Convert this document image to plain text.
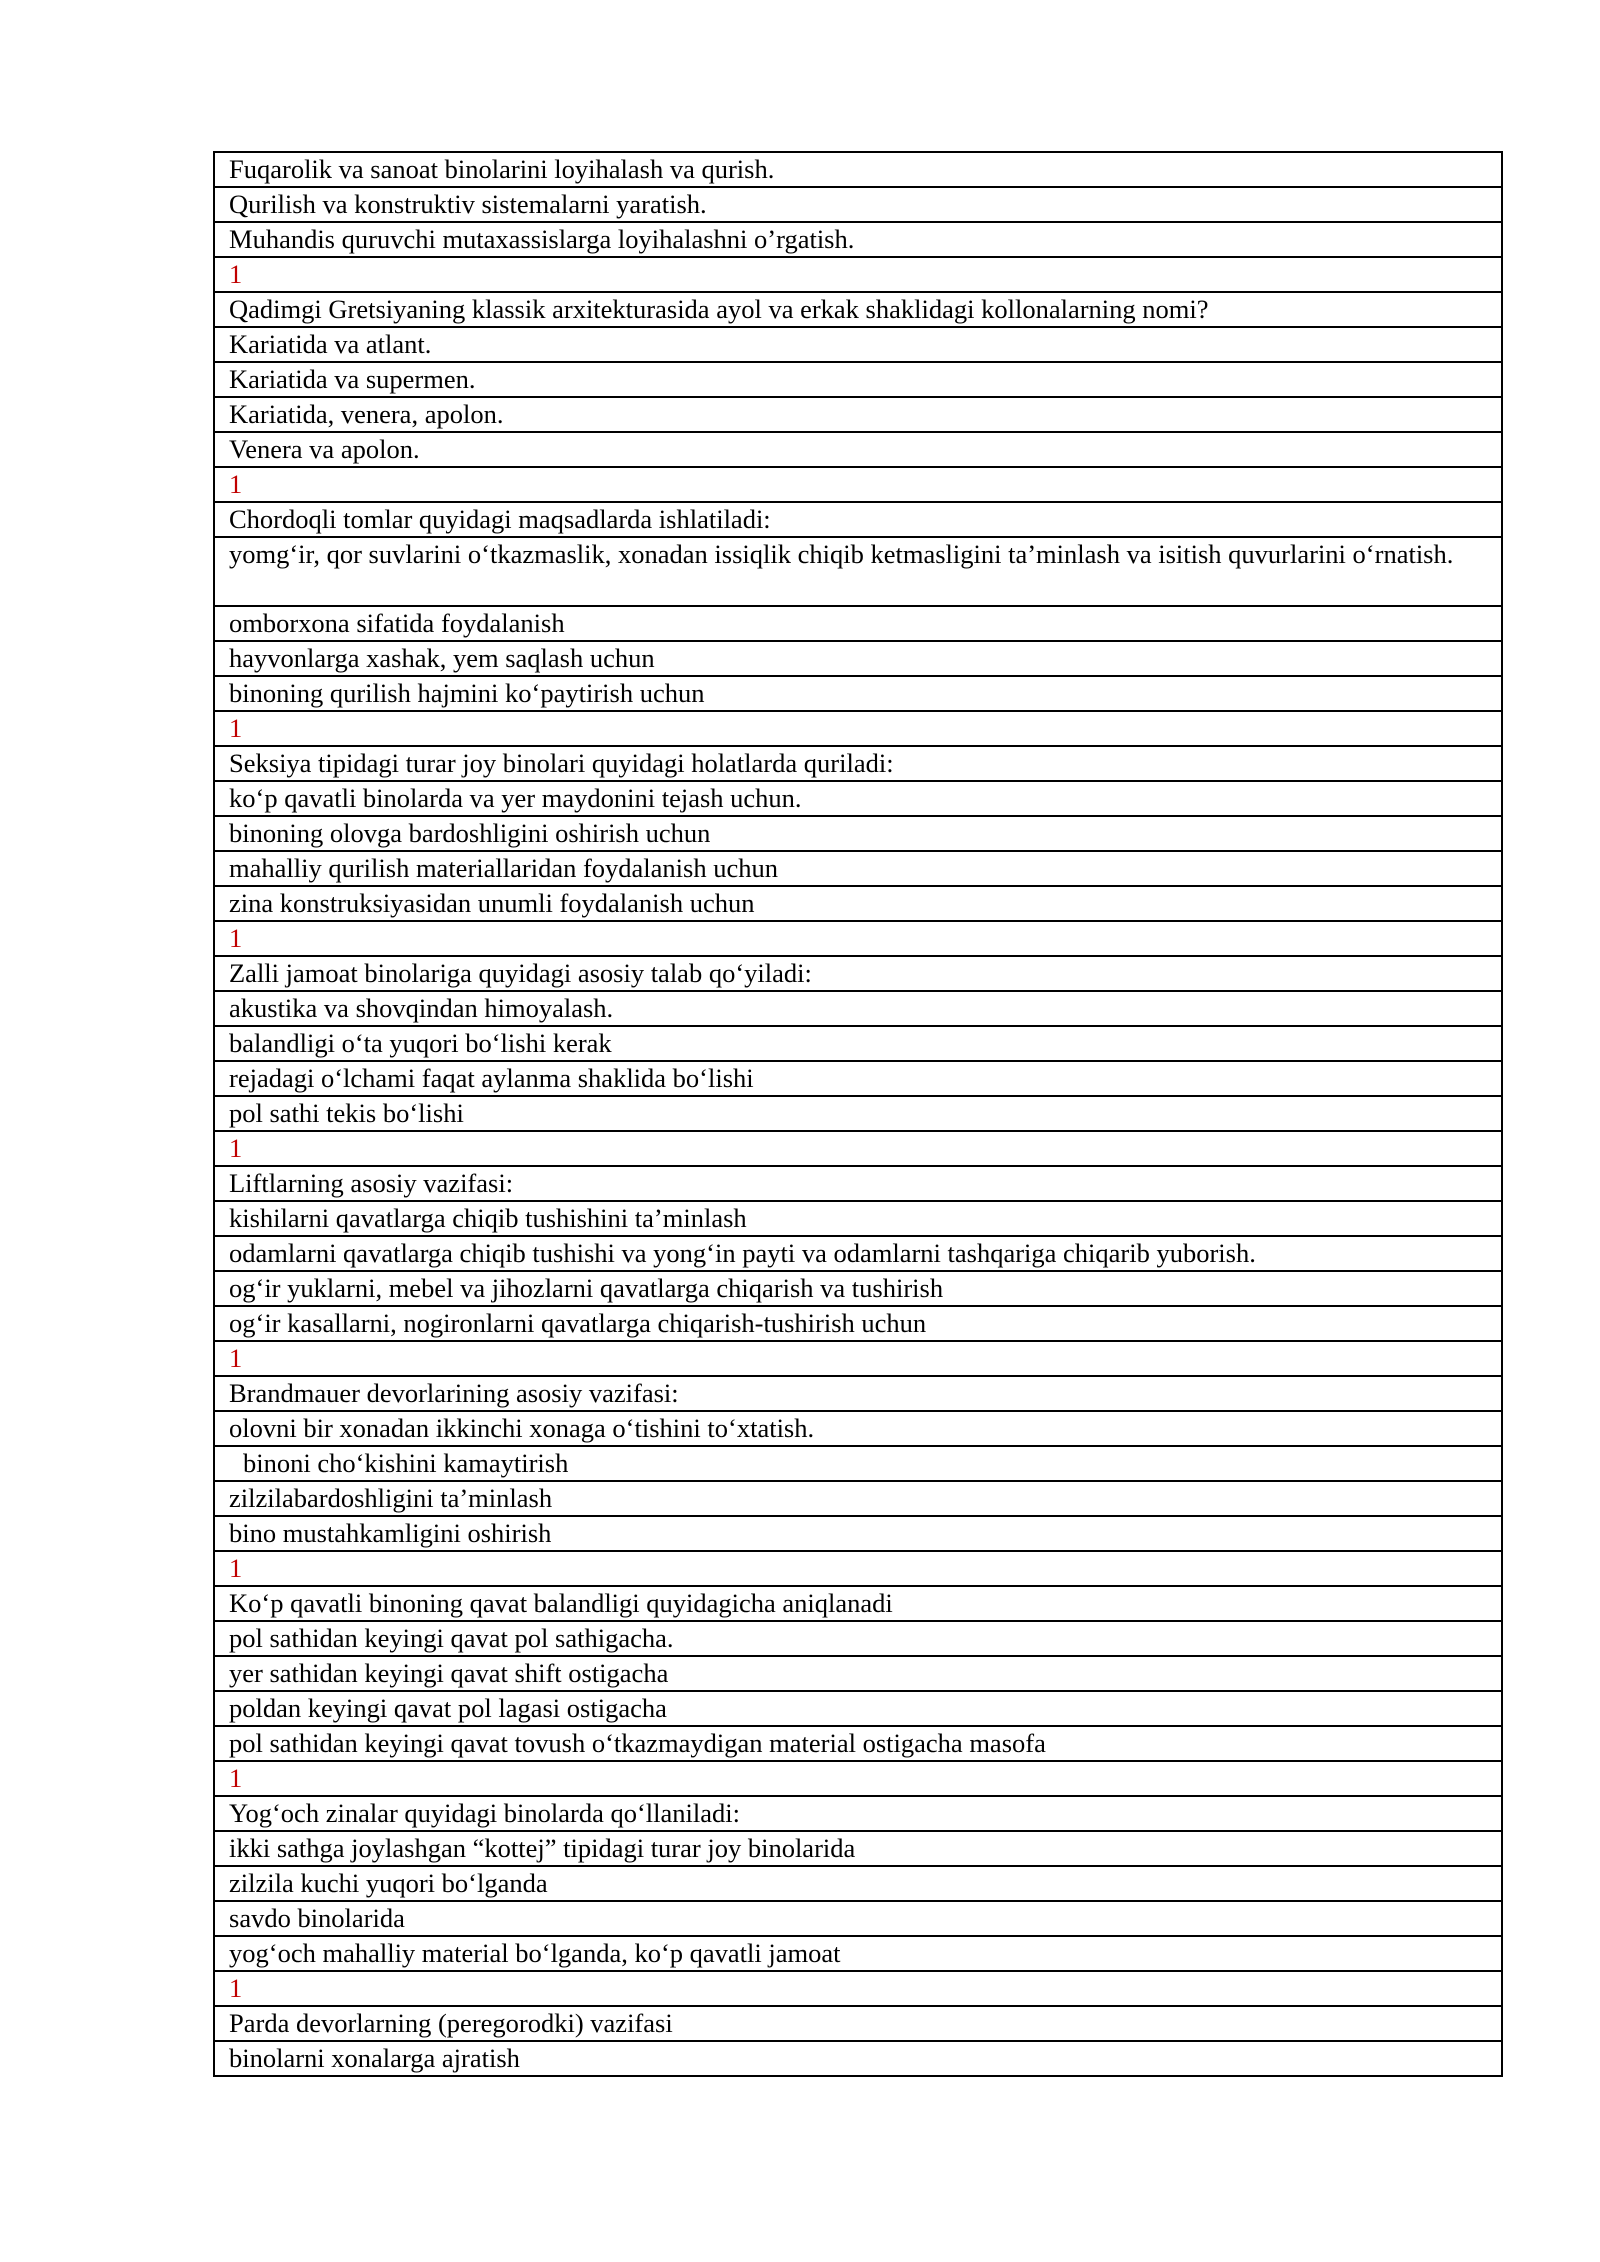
Fuqarolik va sanoat binolarini loyihalash va qurish.
Qurilish va konstruktiv sistemalarni yaratish.
Muhandis quruvchi mutaxassislarga loyihalashni o’rgatish.
1
Qadimgi Gretsiyaning klassik arxitekturasida ayol va erkak shaklidagi kollonalarning nomi?
Kariatida va atlant.
Kariatida va supermen.
Kariatida, venera, apolon.
Venera va apolon.
1
Chordoqli tomlar quyidagi maqsadlarda ishlatiladi:
yomg‘ir, qor suvlarini o‘tkazmaslik, xonadan issiqlik chiqib ketmasligini ta’minlash va isitish quvurlarini o‘rnatish.
omborxona sifatida foydalanish
hayvonlarga xashak, yem saqlash uchun
binoning qurilish hajmini ko‘paytirish uchun
1
Seksiya tipidagi turar joy binolari quyidagi holatlarda quriladi:
ko‘p qavatli binolarda va yer maydonini tejash uchun.
binoning olovga bardoshligini oshirish uchun
mahalliy qurilish materiallaridan foydalanish uchun
zina konstruksiyasidan unumli foydalanish uchun
1
Zalli jamoat binolariga quyidagi asosiy talab qo‘yiladi:
akustika va shovqindan himoyalash.
balandligi o‘ta yuqori bo‘lishi kerak
rejadagi o‘lchami faqat aylanma shaklida bo‘lishi
pol sathi tekis bo‘lishi
1
Liftlarning asosiy vazifasi:
kishilarni qavatlarga chiqib tushishini ta’minlash
odamlarni qavatlarga chiqib tushishi va yong‘in payti va odamlarni tashqariga chiqarib yuborish.
og‘ir yuklarni, mebel va jihozlarni qavatlarga chiqarish va tushirish
og‘ir kasallarni, nogironlarni qavatlarga chiqarish-tushirish uchun
1
Brandmauer devorlarining asosiy vazifasi:
olovni bir xonadan ikkinchi xonaga o‘tishini to‘xtatish.
binoni cho‘kishini kamaytirish
zilzilabardoshligini ta’minlash
bino mustahkamligini oshirish
1
Ko‘p qavatli binoning qavat balandligi quyidagicha aniqlanadi
pol sathidan keyingi qavat pol sathigacha.
yer sathidan keyingi qavat shift ostigacha
poldan keyingi qavat pol lagasi ostigacha
pol sathidan keyingi qavat tovush o‘tkazmaydigan material ostigacha masofa
1
Yog‘och zinalar quyidagi binolarda qo‘llaniladi:
ikki sathga joylashgan “kottej” tipidagi turar joy binolarida
zilzila kuchi yuqori bo‘lganda
savdo binolarida
yog‘och mahalliy material bo‘lganda, ko‘p qavatli jamoat
1
Parda devorlarning (peregorodki) vazifasi
binolarni xonalarga ajratish
